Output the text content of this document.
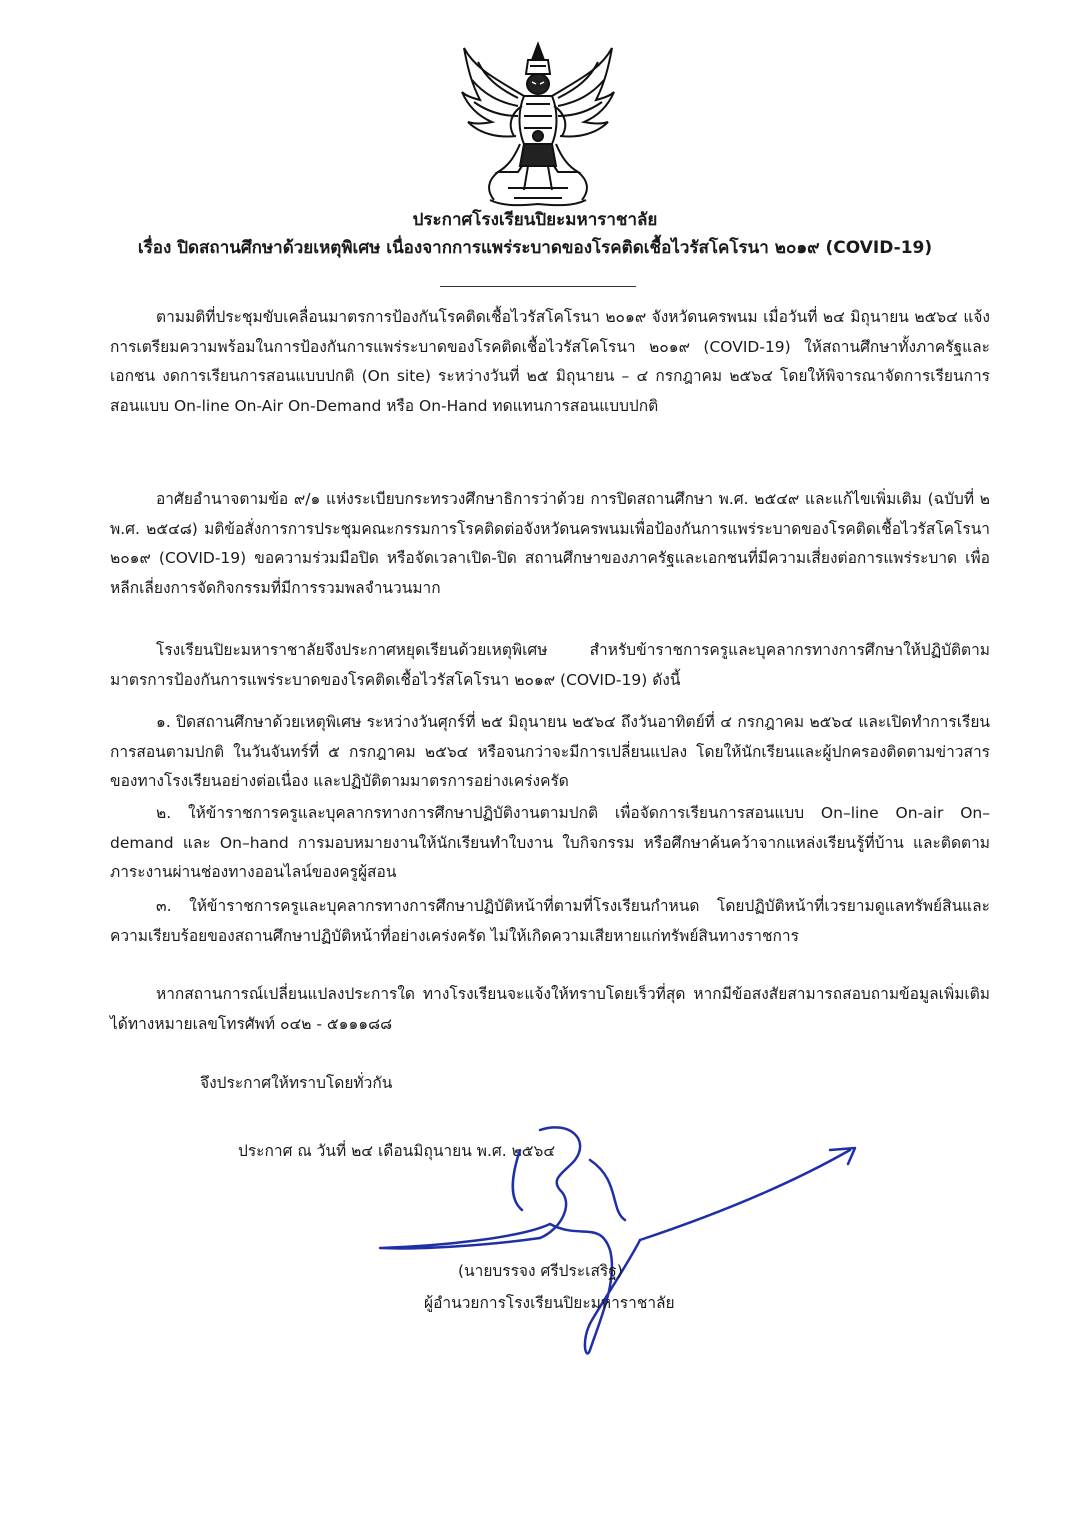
ประกาศโรงเรียนปิยะมหาราชาลัย
เรื่อง ปิดสถานศึกษาด้วยเหตุพิเศษ เนื่องจากการแพร่ระบาดของโรคติดเชื้อไวรัสโคโรนา ๒๐๑๙ (COVID-19)

ตามมติที่ประชุมขับเคลื่อนมาตรการป้องกันโรคติดเชื้อไวรัสโคโรนา ๒๐๑๙ จังหวัดนครพนม เมื่อวันที่ ๒๔ มิถุนายน ๒๕๖๔ แจ้งการเตรียมความพร้อมในการป้องกันการแพร่ระบาดของโรคติดเชื้อไวรัสโคโรนา ๒๐๑๙ (COVID-19) ให้สถานศึกษาทั้งภาครัฐและเอกชน งดการเรียนการสอนแบบปกติ (On site) ระหว่างวันที่ ๒๕ มิถุนายน – ๔ กรกฎาคม ๒๕๖๔ โดยให้พิจารณาจัดการเรียนการสอนแบบ On-line On-Air On-Demand หรือ On-Hand ทดแทนการสอนแบบปกติ

อาศัยอำนาจตามข้อ ๙/๑ แห่งระเบียบกระทรวงศึกษาธิการว่าด้วย การปิดสถานศึกษา พ.ศ. ๒๕๔๙ และแก้ไขเพิ่มเติม (ฉบับที่ ๒ พ.ศ. ๒๕๔๘) มติข้อสั่งการการประชุมคณะกรรมการโรคติดต่อจังหวัดนครพนมเพื่อป้องกันการแพร่ระบาดของโรคติดเชื้อไวรัสโคโรนา ๒๐๑๙ (COVID-19) ขอความร่วมมือปิด หรือจัดเวลาเปิด-ปิด สถานศึกษาของภาครัฐและเอกชนที่มีความเสี่ยงต่อการแพร่ระบาด เพื่อหลีกเลี่ยงการจัดกิจกรรมที่มีการรวมพลจำนวนมาก

โรงเรียนปิยะมหาราชาลัยจึงประกาศหยุดเรียนด้วยเหตุพิเศษ สำหรับข้าราชการครูและบุคลากรทางการศึกษาให้ปฏิบัติตามมาตรการป้องกันการแพร่ระบาดของโรคติดเชื้อไวรัสโคโรนา ๒๐๑๙ (COVID-19) ดังนี้

๑. ปิดสถานศึกษาด้วยเหตุพิเศษ ระหว่างวันศุกร์ที่ ๒๕ มิถุนายน ๒๕๖๔ ถึงวันอาทิตย์ที่ ๔ กรกฎาคม ๒๕๖๔ และเปิดทำการเรียนการสอนตามปกติ ในวันจันทร์ที่ ๕ กรกฎาคม ๒๕๖๔ หรือจนกว่าจะมีการเปลี่ยนแปลง โดยให้นักเรียนและผู้ปกครองติดตามข่าวสารของทางโรงเรียนอย่างต่อเนื่อง และปฏิบัติตามมาตรการอย่างเคร่งครัด

๒. ให้ข้าราชการครูและบุคลากรทางการศึกษาปฏิบัติงานตามปกติ เพื่อจัดการเรียนการสอนแบบ On–line On-air On–demand และ On–hand การมอบหมายงานให้นักเรียนทำใบงาน ใบกิจกรรม หรือศึกษาค้นคว้าจากแหล่งเรียนรู้ที่บ้าน และติดตามภาระงานผ่านช่องทางออนไลน์ของครูผู้สอน

๓. ให้ข้าราชการครูและบุคลากรทางการศึกษาปฏิบัติหน้าที่ตามที่โรงเรียนกำหนด โดยปฏิบัติหน้าที่เวรยามดูแลทรัพย์สินและความเรียบร้อยของสถานศึกษาปฏิบัติหน้าที่อย่างเคร่งครัด ไม่ให้เกิดความเสียหายแก่ทรัพย์สินทางราชการ

หากสถานการณ์เปลี่ยนแปลงประการใด ทางโรงเรียนจะแจ้งให้ทราบโดยเร็วที่สุด หากมีข้อสงสัยสามารถสอบถามข้อมูลเพิ่มเติมได้ทางหมายเลขโทรศัพท์ ๐๔๒ - ๕๑๑๑๘๘

จึงประกาศให้ทราบโดยทั่วกัน

ประกาศ ณ วันที่ ๒๔ เดือนมิถุนายน พ.ศ. ๒๕๖๔

(นายบรรจง ศรีประเสริฐ)

ผู้อำนวยการโรงเรียนปิยะมหาราชาลัย
